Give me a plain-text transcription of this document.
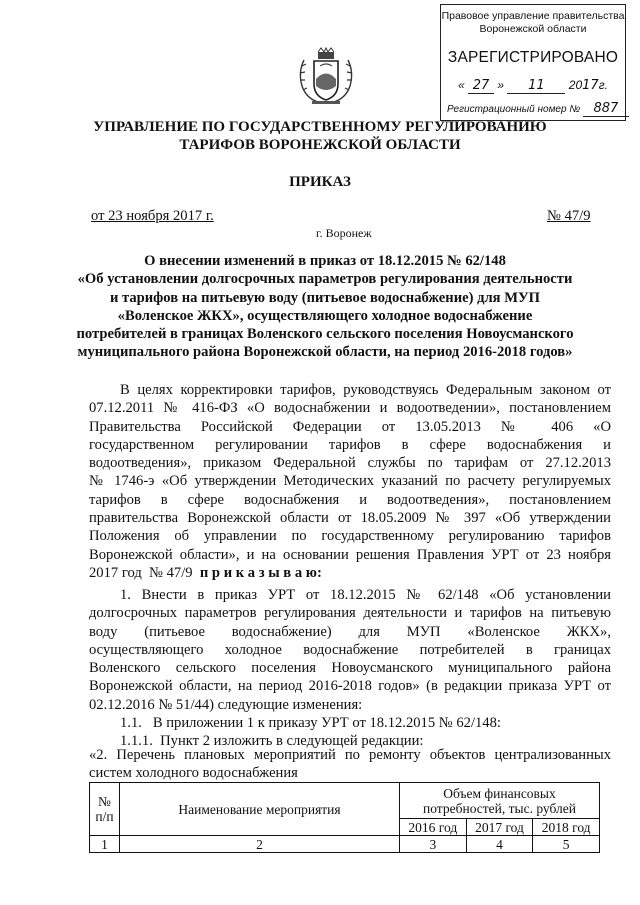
Правовое управление правительства
Воронежской области
ЗАРЕГИСТРИРОВАНО
« 27 » 11 2017г.
Регистрационный номер № 887
УПРАВЛЕНИЕ ПО ГОСУДАРСТВЕННОМУ РЕГУЛИРОВАНИЮ
ТАРИФОВ ВОРОНЕЖСКОЙ ОБЛАСТИ
ПРИКАЗ
от 23 ноября 2017 г.	№ 47/9
г. Воронеж
О внесении изменений в приказ от 18.12.2015 № 62/148
«Об установлении долгосрочных параметров регулирования деятельности
и тарифов на питьевую воду (питьевое водоснабжение) для МУП
«Воленское ЖКХ», осуществляющего холодное водоснабжение
потребителей в границах Воленского сельского поселения Новоусманского
муниципального района Воронежской области, на период 2016-2018 годов»
В целях корректировки тарифов, руководствуясь Федеральным законом от
07.12.2011 № 416-ФЗ «О водоснабжении и водоотведении», постановлением
Правительства Российской Федерации от 13.05.2013 № 406 «О
государственном регулировании тарифов в сфере водоснабжения и
водоотведения», приказом Федеральной службы по тарифам от 27.12.2013
№ 1746-э «Об утверждении Методических указаний по расчету регулируемых
тарифов в сфере водоснабжения и водоотведения», постановлением
правительства Воронежской области от 18.05.2009 № 397 «Об утверждении
Положения об управлении по государственному регулированию тарифов
Воронежской области», и на основании решения Правления УРТ от 23 ноября
2017 год  № 47/9  п р и к а з ы в а ю:
1. Внести в приказ УРТ от 18.12.2015 № 62/148 «Об установлении
долгосрочных параметров регулирования деятельности и тарифов на питьевую
воду (питьевое водоснабжение) для МУП «Воленское ЖКХ»,
осуществляющего холодное водоснабжение потребителей в границах
Воленского сельского поселения Новоусманского муниципального района
Воронежской области, на период 2016-2018 годов» (в редакции приказа УРТ от
02.12.2016 № 51/44) следующие изменения:
1.1.   В приложении 1 к приказу УРТ от 18.12.2015 № 62/148:
1.1.1.  Пункт 2 изложить в следующей редакции:
«2. Перечень плановых мероприятий по ремонту объектов централизованных
систем холодного водоснабжения
№
п/п	Наименование мероприятия	Объем финансовых потребностей, тыс. рублей		
		2016 год	2017 год	2018 год
1	2	3	4	5
